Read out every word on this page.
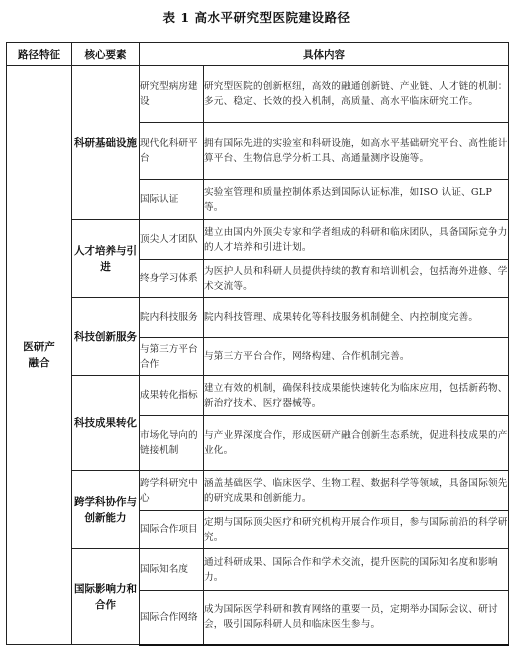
表 1 高水平研究型医院建设路径
路径特征	核心要素	具体内容	
医研产融合	科研基础设施	研究型病房建设	研究型医院的创新枢纽，高效的融通创新链、产业链、人才链的机制：多元、稳定、长效的投入机制，高质量、高水平临床研究工作。
		现代化科研平台	拥有国际先进的实验室和科研设施，如高水平基础研究平台、高性能计算平台、生物信息学分析工具、高通量测序设施等。
		国际认证	实验室管理和质量控制体系达到国际认证标准，如ISO 认证、GLP 等。
	人才培养与引进	顶尖人才团队	建立由国内外顶尖专家和学者组成的科研和临床团队，具备国际竞争力的人才培养和引进计划。
		终身学习体系	为医护人员和科研人员提供持续的教育和培训机会，包括海外进修、学术交流等。
	科技创新服务	院内科技服务	院内科技管理、成果转化等科技服务机制健全、内控制度完善。
		与第三方平台合作	与第三方平台合作，网络构建、合作机制完善。
	科技成果转化	成果转化指标	建立有效的机制，确保科技成果能快速转化为临床应用，包括新药物、新治疗技术、医疗器械等。
		市场化导向的链接机制	与产业界深度合作，形成医研产融合创新生态系统，促进科技成果的产业化。
	跨学科协作与创新能力	跨学科研究中心	涵盖基础医学、临床医学、生物工程、数据科学等领域，具备国际领先的研究成果和创新能力。
		国际合作项目	定期与国际顶尖医疗和研究机构开展合作项目，参与国际前沿的科学研究。
	国际影响力和合作	国际知名度	通过科研成果、国际合作和学术交流，提升医院的国际知名度和影响力。
		国际合作网络	成为国际医学科研和教育网络的重要一员，定期举办国际会议、研讨会，吸引国际科研人员和临床医生参与。
